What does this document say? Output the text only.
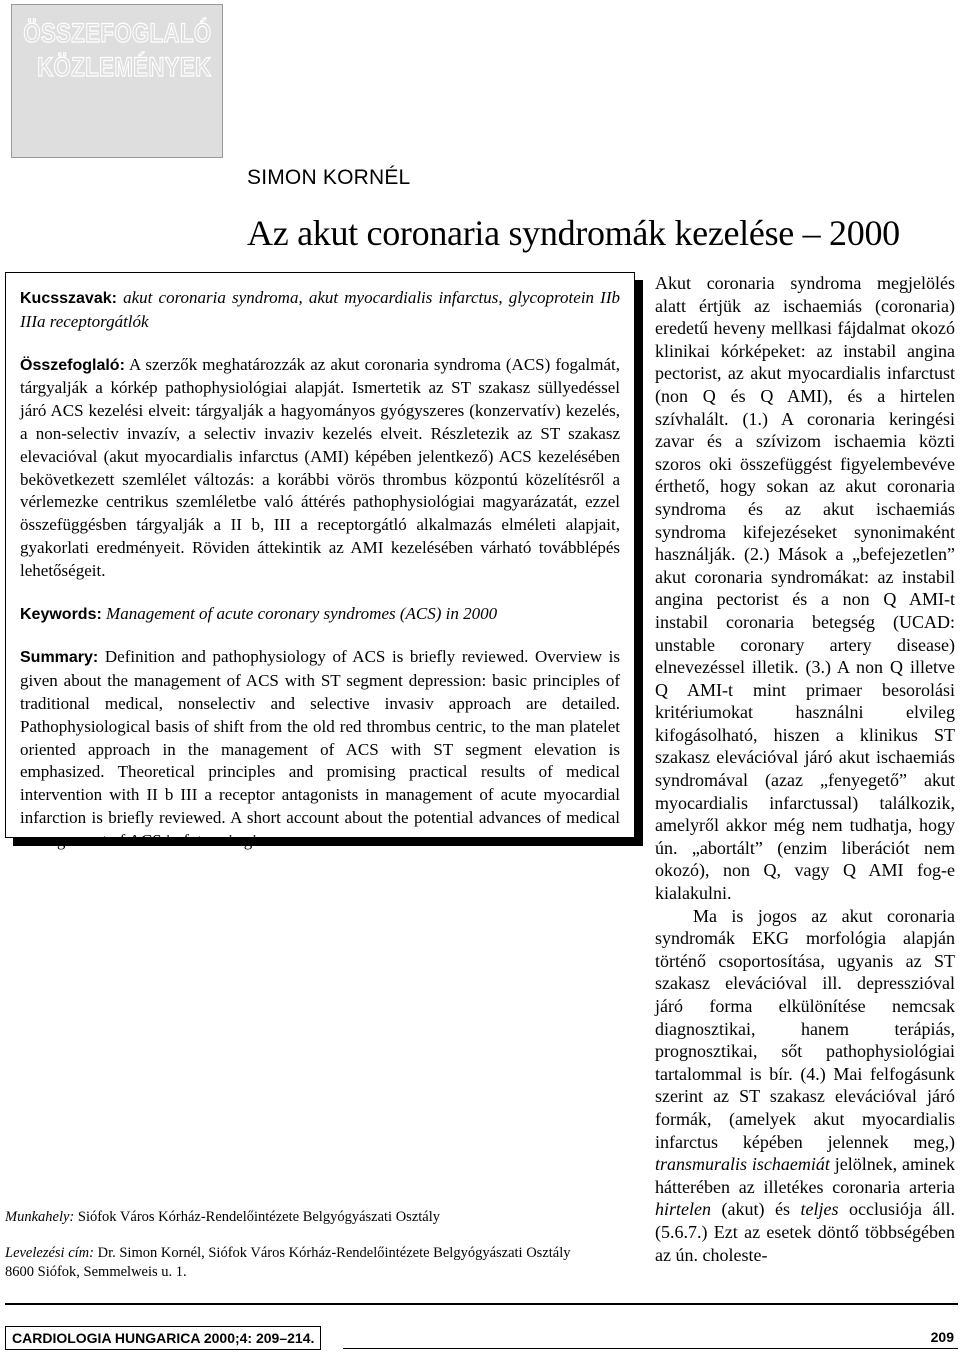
ÖSSZEFOGLALÓ
KÖZLEMÉNYEK
SIMON KORNÉL
Az akut coronaria syndromák kezelése – 2000
Kucsszavak: akut coronaria syndroma, akut myocardialis infarctus, glycoprotein IIb IIIa receptorgátlók
Összefoglaló: A szerzők meghatározzák az akut coronaria syndroma (ACS) fogalmát, tárgyalják a kórkép pathophysiológiai alapját. Ismertetik az ST szakasz süllyedéssel járó ACS kezelési elveit: tárgyalják a hagyományos gyógyszeres (konzervatív) kezelés, a non-selectiv invazív, a selectiv invaziv kezelés elveit. Részletezik az ST szakasz elevacióval (akut myocardialis infarctus (AMI) képében jelentkező) ACS kezelésében bekövetkezett szemlélet változás: a korábbi vörös thrombus központú közelítésről a vérlemezke centrikus szemléletbe való áttérés pathophysiológiai magyarázatát, ezzel összefüggésben tárgyalják a II b, III a receptorgátló alkalmazás elméleti alapjait, gyakorlati eredményeit. Röviden áttekintik az AMI kezelésében várható továbblépés lehetőségeit.
Keywords: Management of acute coronary syndromes (ACS) in 2000
Summary: Definition and pathophysiology of ACS is briefly reviewed. Overview is given about the management of ACS with ST segment depression: basic principles of traditional medical, nonselectiv and selective invasiv approach are detailed. Pathophysiological basis of shift from the old red thrombus centric, to the man platelet oriented approach in the management of ACS with ST segment elevation is emphasized. Theoretical principles and promising practical results of medical intervention with II b III a receptor antagonists in management of acute myocardial infarction is briefly reviewed. A short account about the potential advances of medical management of ACS in future is given.
Munkahely: Siófok Város Kórház-Rendelőintézete Belgyógyászati Osztály
Levelezési cím: Dr. Simon Kornél, Siófok Város Kórház-Rendelőintézete Belgyógyászati Osztály
8600 Siófok, Semmelweis u. 1.

Akut coronaria syndroma megjelölés alatt értjük az ischaemiás (coronaria) eredetű heveny mellkasi fájdalmat okozó klinikai kórképeket: az instabil angina pectorist, az akut myocardialis infarctust (non Q és Q AMI), és a hirtelen szívhalált. (1.) A coronaria keringési zavar és a szívizom ischaemia közti szoros oki összefüggést figyelembevéve érthető, hogy sokan az akut coronaria syndroma és az akut ischaemiás syndroma kifejezéseket synonimaként használják. (2.) Mások a „befejezetlen” akut coronaria syndromákat: az instabil angina pectorist és a non Q AMI-t instabil coronaria betegség (UCAD: unstable coronary artery disease) elnevezéssel illetik. (3.) A non Q illetve Q AMI-t mint primaer besorolási kritériumokat használni elvileg kifogásolható, hiszen a klinikus ST szakasz elevációval járó akut ischaemiás syndromával (azaz „fenyegető” akut myocardialis infarctussal) találkozik, amelyről akkor még nem tudhatja, hogy ún. „abortált” (enzim liberációt nem okozó), non Q, vagy Q AMI fog-e kialakulni.

Ma is jogos az akut coronaria syndromák EKG morfológia alapján történő csoportosítása, ugyanis az ST szakasz elevációval ill. depresszióval járó forma elkülönítése nemcsak diagnosztikai, hanem terápiás, prognosztikai, sőt pathophysiológiai tartalommal is bír. (4.) Mai felfogásunk szerint az ST szakasz elevációval járó formák, (amelyek akut myocardialis infarctus képében jelennek meg,) transmuralis ischaemiát jelölnek, aminek hátterében az illetékes coronaria arteria hirtelen (akut) és teljes occlusiója áll. (5.6.7.) Ezt az esetek döntő többségében az ún. choleste-

CARDIOLOGIA HUNGARICA 2000;4: 209–214.	209
